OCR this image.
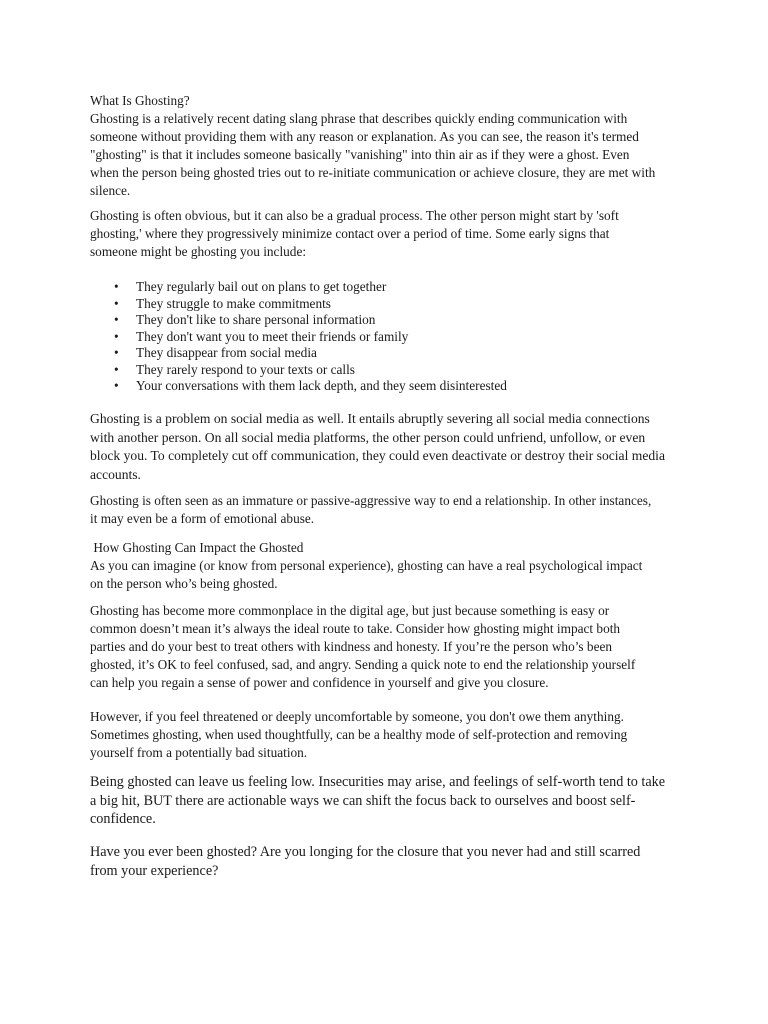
What Is Ghosting?
Ghosting is a relatively recent dating slang phrase that describes quickly ending communication with
someone without providing them with any reason or explanation. As you can see, the reason it's termed
"ghosting" is that it includes someone basically "vanishing" into thin air as if they were a ghost. Even
when the person being ghosted tries out to re-initiate communication or achieve closure, they are met with
silence.
Ghosting is often obvious, but it can also be a gradual process. The other person might start by 'soft
ghosting,' where they progressively minimize contact over a period of time. Some early signs that
someone might be ghosting you include:
• They regularly bail out on plans to get together
• They struggle to make commitments
• They don't like to share personal information
• They don't want you to meet their friends or family
• They disappear from social media
• They rarely respond to your texts or calls
• Your conversations with them lack depth, and they seem disinterested
Ghosting is a problem on social media as well. It entails abruptly severing all social media connections
with another person. On all social media platforms, the other person could unfriend, unfollow, or even
block you. To completely cut off communication, they could even deactivate or destroy their social media
accounts.
Ghosting is often seen as an immature or passive-aggressive way to end a relationship. In other instances,
it may even be a form of emotional abuse.
How Ghosting Can Impact the Ghosted
As you can imagine (or know from personal experience), ghosting can have a real psychological impact
on the person who’s being ghosted.
Ghosting has become more commonplace in the digital age, but just because something is easy or
common doesn’t mean it’s always the ideal route to take. Consider how ghosting might impact both
parties and do your best to treat others with kindness and honesty. If you’re the person who’s been
ghosted, it’s OK to feel confused, sad, and angry. Sending a quick note to end the relationship yourself
can help you regain a sense of power and confidence in yourself and give you closure.
However, if you feel threatened or deeply uncomfortable by someone, you don't owe them anything.
Sometimes ghosting, when used thoughtfully, can be a healthy mode of self-protection and removing
yourself from a potentially bad situation.
Being ghosted can leave us feeling low. Insecurities may arise, and feelings of self-worth tend to take
a big hit, BUT there are actionable ways we can shift the focus back to ourselves and boost self-
confidence.
Have you ever been ghosted? Are you longing for the closure that you never had and still scarred
from your experience?
